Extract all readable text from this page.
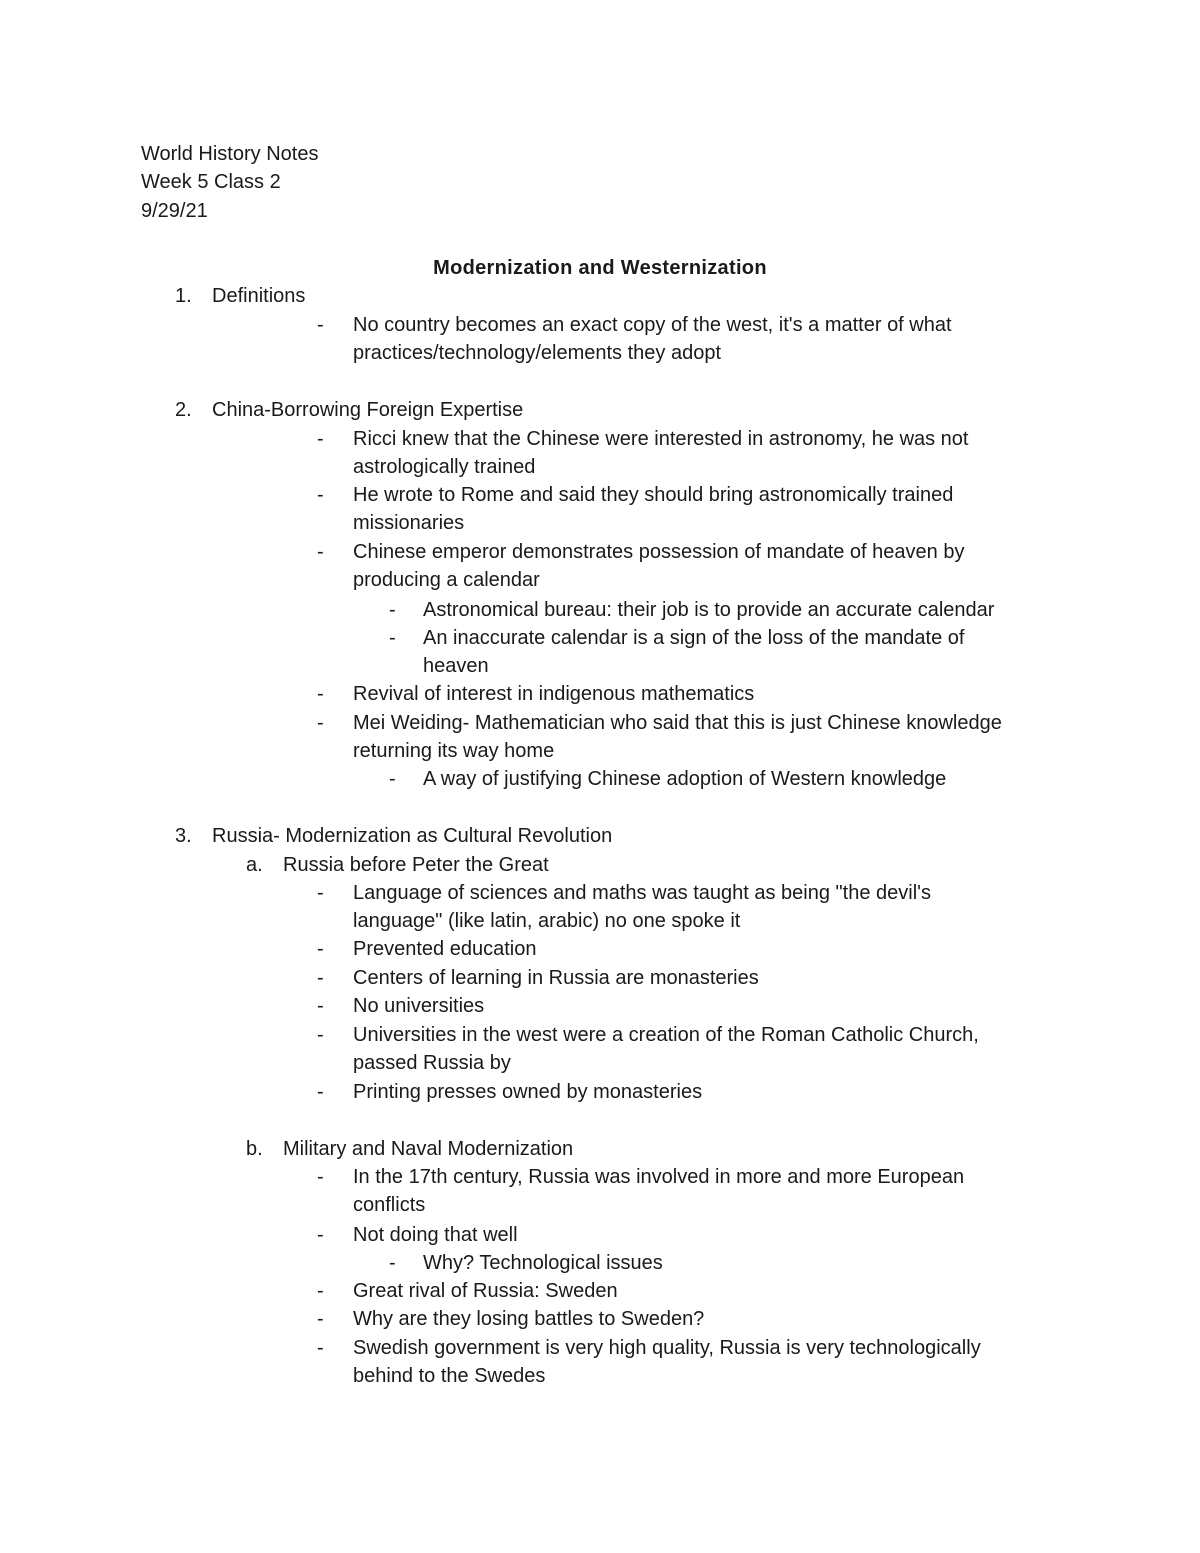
World History Notes
Week 5 Class 2
9/29/21
Modernization and Westernization
1. Definitions
- No country becomes an exact copy of the west, it's a matter of what
practices/technology/elements they adopt
2. China-Borrowing Foreign Expertise
- Ricci knew that the Chinese were interested in astronomy, he was not
astrologically trained
- He wrote to Rome and said they should bring astronomically trained
missionaries
- Chinese emperor demonstrates possession of mandate of heaven by
producing a calendar
- Astronomical bureau: their job is to provide an accurate calendar
- An inaccurate calendar is a sign of the loss of the mandate of
heaven
- Revival of interest in indigenous mathematics
- Mei Weiding- Mathematician who said that this is just Chinese knowledge
returning its way home
- A way of justifying Chinese adoption of Western knowledge
3. Russia- Modernization as Cultural Revolution
a. Russia before Peter the Great
- Language of sciences and maths was taught as being "the devil's
language" (like latin, arabic) no one spoke it
- Prevented education
- Centers of learning in Russia are monasteries
- No universities
- Universities in the west were a creation of the Roman Catholic Church,
passed Russia by
- Printing presses owned by monasteries
b. Military and Naval Modernization
- In the 17th century, Russia was involved in more and more European
conflicts
- Not doing that well
- Why? Technological issues
- Great rival of Russia: Sweden
- Why are they losing battles to Sweden?
- Swedish government is very high quality, Russia is very technologically
behind to the Swedes
